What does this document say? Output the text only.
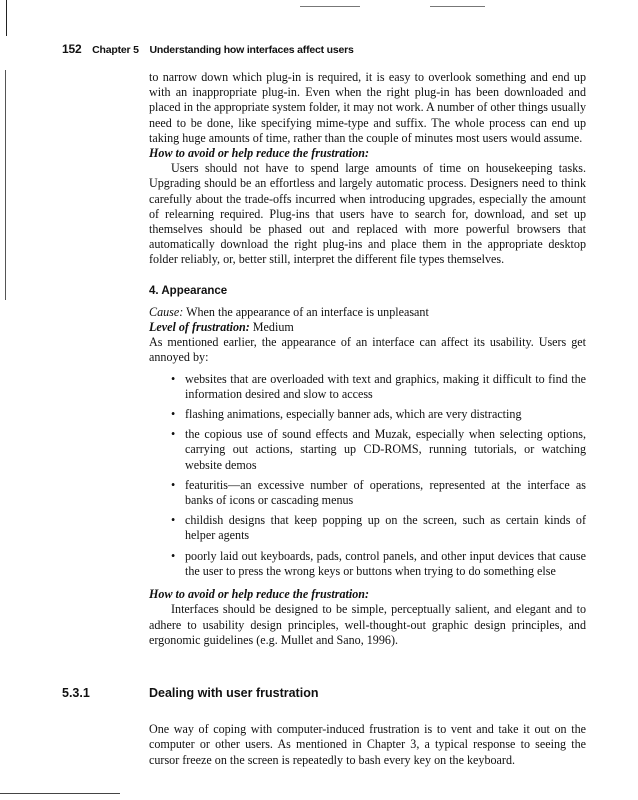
152 Chapter 5 Understanding how interfaces affect users

to narrow down which plug-in is required, it is easy to overlook something and end up with an inappropriate plug-in. Even when the right plug-in has been downloaded and placed in the appropriate system folder, it may not work. A number of other things usually need to be done, like specifying mime-type and suffix. The whole process can end up taking huge amounts of time, rather than the couple of minutes most users would assume.

How to avoid or help reduce the frustration:

Users should not have to spend large amounts of time on housekeeping tasks. Upgrading should be an effortless and largely automatic process. Designers need to think carefully about the trade-offs incurred when introducing upgrades, especially the amount of relearning required. Plug-ins that users have to search for, download, and set up themselves should be phased out and replaced with more powerful browsers that automatically download the right plug-ins and place them in the appropriate desktop folder reliably, or, better still, interpret the different file types themselves.

4. Appearance

Cause: When the appearance of an interface is unpleasant

Level of frustration: Medium

As mentioned earlier, the appearance of an interface can affect its usability. Users get annoyed by:

• websites that are overloaded with text and graphics, making it difficult to find the information desired and slow to access
• flashing animations, especially banner ads, which are very distracting
• the copious use of sound effects and Muzak, especially when selecting options, carrying out actions, starting up CD-ROMS, running tutorials, or watching website demos
• featuritis—an excessive number of operations, represented at the interface as banks of icons or cascading menus
• childish designs that keep popping up on the screen, such as certain kinds of helper agents
• poorly laid out keyboards, pads, control panels, and other input devices that cause the user to press the wrong keys or buttons when trying to do something else

How to avoid or help reduce the frustration:

Interfaces should be designed to be simple, perceptually salient, and elegant and to adhere to usability design principles, well-thought-out graphic design principles, and ergonomic guidelines (e.g. Mullet and Sano, 1996).

5.3.1	Dealing with user frustration

One way of coping with computer-induced frustration is to vent and take it out on the computer or other users. As mentioned in Chapter 3, a typical response to seeing the cursor freeze on the screen is repeatedly to bash every key on the keyboard.
